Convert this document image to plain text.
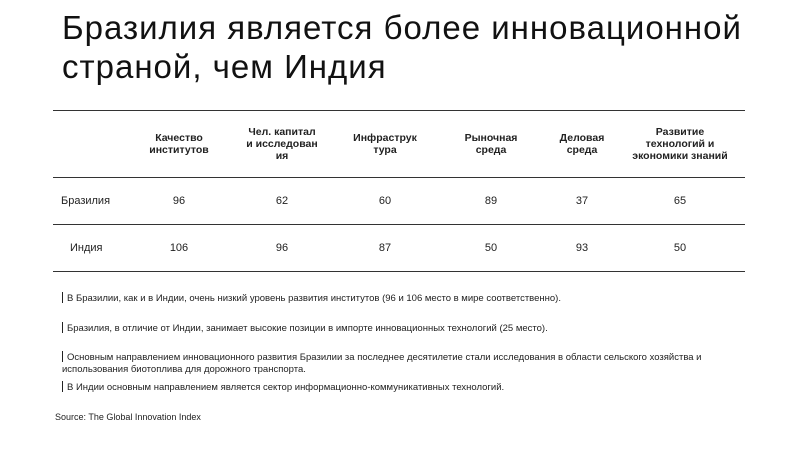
Бразилия является более инновационной страной, чем Индия
	Качество институтов	Чел. капитал и исследования	Инфраструктура	Рыночная среда	Деловая среда	Развитие технологий и экономики знаний
Бразилия	96	62	60	89	37	65
Индия	106	96	87	50	93	50
В Бразилии, как и в Индии, очень низкий уровень развития институтов (96 и 106 место в мире соответственно).
Бразилия, в отличие от Индии, занимает высокие позиции в импорте инновационных технологий (25 место).
Основным направлением инновационного развития Бразилии за последнее десятилетие стали исследования в области сельского хозяйства и использования биотоплива для дорожного транспорта.
В Индии основным направлением является сектор информационно-коммуникативных технологий.
Source: The Global Innovation Index
